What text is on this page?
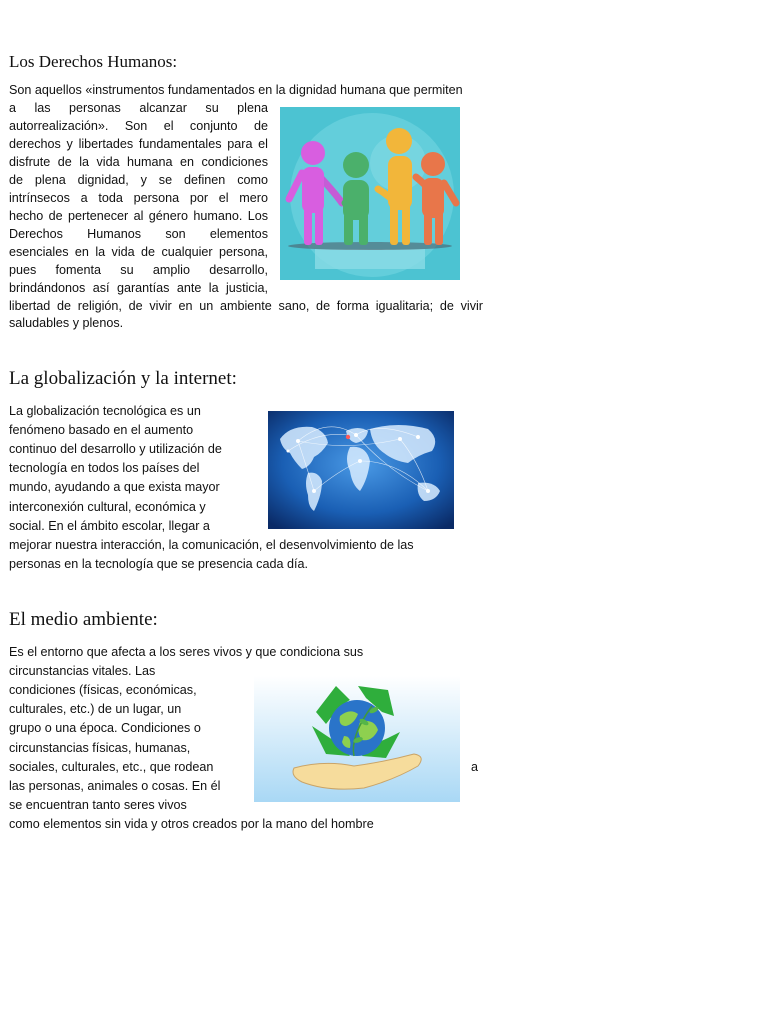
Los Derechos Humanos:
Son aquellos «instrumentos fundamentados en la dignidad humana que permiten
a las personas alcanzar su plena
autorrealización». Son el conjunto de
derechos y libertades fundamentales para el
disfrute de la vida humana en condiciones
de plena dignidad, y se definen como
intrínsecos a toda persona por el mero
hecho de pertenecer al género humano. Los
Derechos Humanos son elementos
esenciales en la vida de cualquier persona,
pues fomenta su amplio desarrollo,
brindándonos así garantías ante la justicia,
libertad de religión, de vivir en un ambiente sano, de forma igualitaria; de vivir
saludables y plenos.
La globalización y la internet:
La globalización tecnológica es un
fenómeno basado en el aumento
continuo del desarrollo y utilización de
tecnología en todos los países del
mundo, ayudando a que exista mayor
interconexión cultural, económica y
social. En el ámbito escolar, llegar a
mejorar nuestra interacción, la comunicación, el desenvolvimiento de las
personas en la tecnología que se presencia cada día.
El medio ambiente:
Es el entorno que afecta a los seres vivos y que condiciona sus
circunstancias vitales. Las
condiciones (físicas, económicas,
culturales, etc.) de un lugar, un
grupo o una época. Condiciones o
circunstancias físicas, humanas,
sociales, culturales, etc., que rodean
las personas, animales o cosas. En él
se encuentran tanto seres vivos
como elementos sin vida y otros creados por la mano del hombre
a
